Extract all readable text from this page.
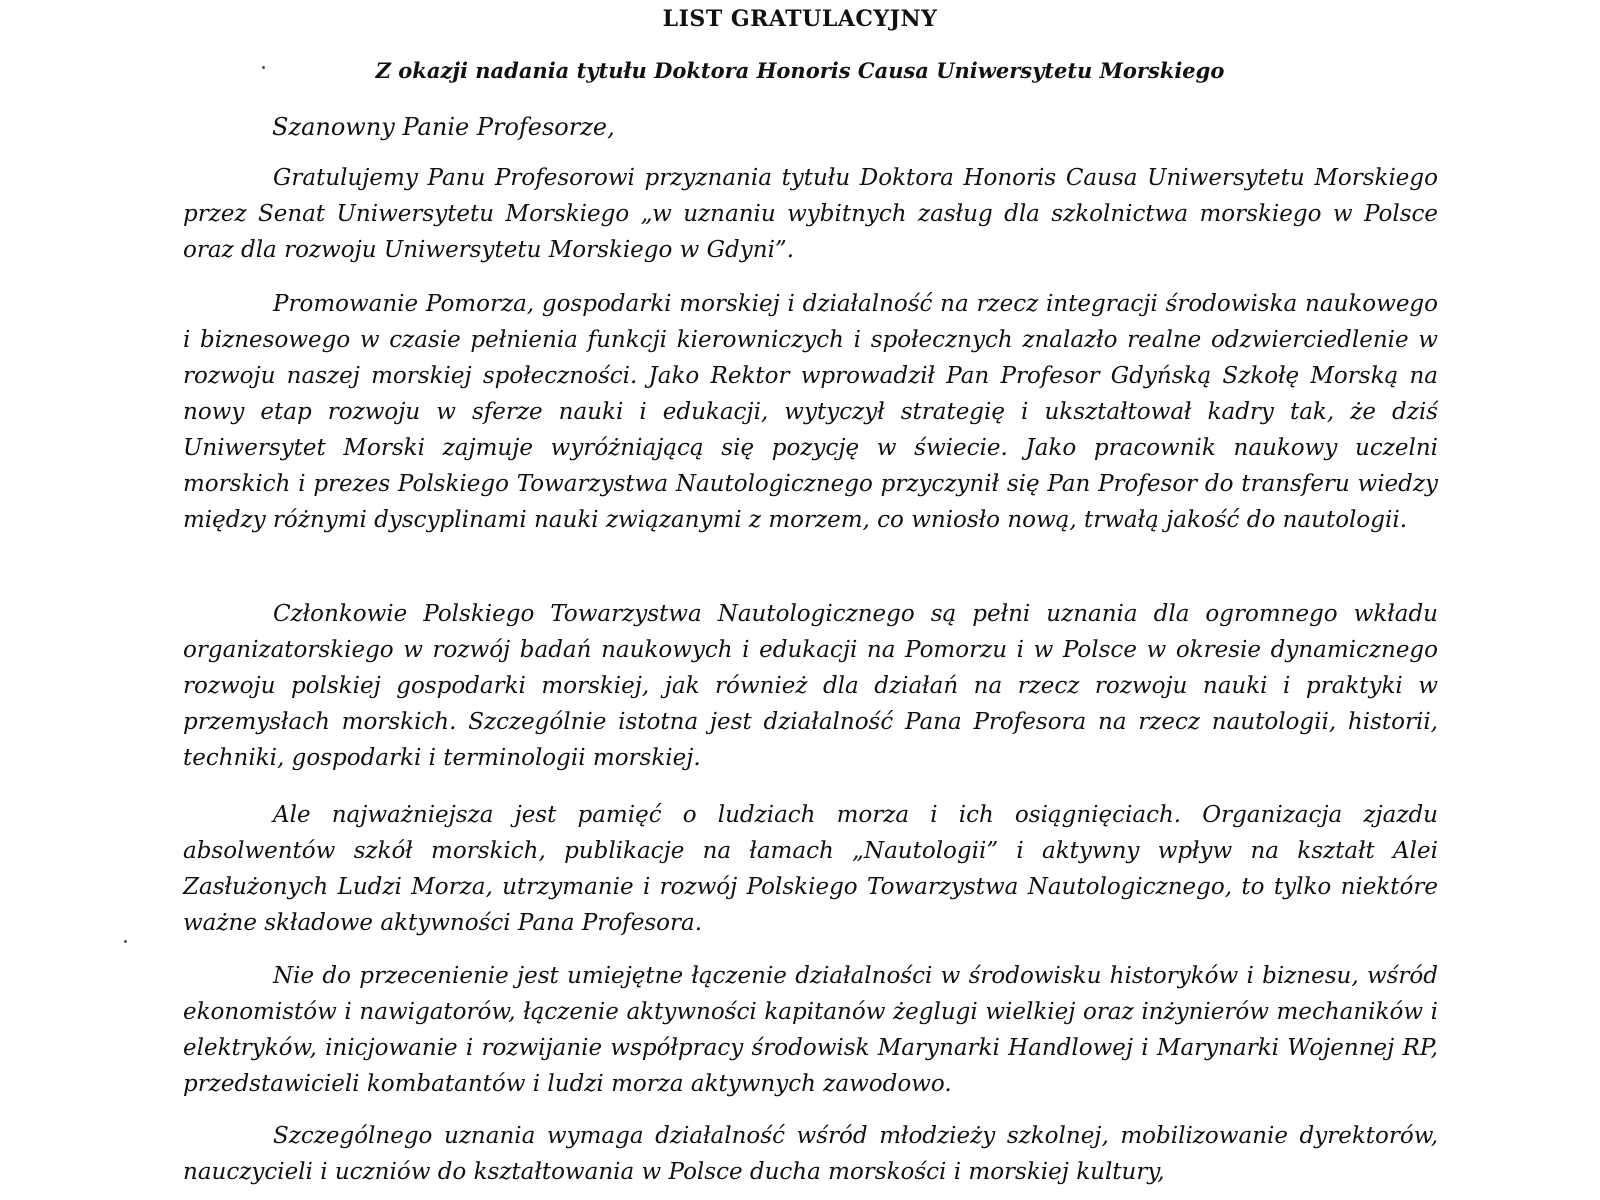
LIST GRATULACYJNY
Z okazji nadania tytułu Doktora Honoris Causa Uniwersytetu Morskiego
Szanowny Panie Profesorze,

Gratulujemy Panu Profesorowi przyznania tytułu Doktora Honoris Causa Uniwersytetu Morskiego przez Senat Uniwersytetu Morskiego „w uznaniu wybitnych zasług dla szkolnictwa morskiego w Polsce oraz dla rozwoju Uniwersytetu Morskiego w Gdyni”.

Promowanie Pomorza, gospodarki morskiej i działalność na rzecz integracji środowiska naukowego i biznesowego w czasie pełnienia funkcji kierowniczych i społecznych znalazło realne odzwierciedlenie w rozwoju naszej morskiej społeczności. Jako Rektor wprowadził Pan Profesor Gdyńską Szkołę Morską na nowy etap rozwoju w sferze nauki i edukacji, wytyczył strategię i ukształtował kadry tak, że dziś Uniwersytet Morski zajmuje wyróżniającą się pozycję w świecie. Jako pracownik naukowy uczelni morskich i prezes Polskiego Towarzystwa Nautologicznego przyczynił się Pan Profesor do transferu wiedzy między różnymi dyscyplinami nauki związanymi z morzem, co wniosło nową, trwałą jakość do nautologii.

Członkowie Polskiego Towarzystwa Nautologicznego są pełni uznania dla ogromnego wkładu organizatorskiego w rozwój badań naukowych i edukacji na Pomorzu i w Polsce w okresie dynamicznego rozwoju polskiej gospodarki morskiej, jak również dla działań na rzecz rozwoju nauki i praktyki w przemysłach morskich. Szczególnie istotna jest działalność Pana Profesora na rzecz nautologii, historii, techniki, gospodarki i terminologii morskiej.

Ale najważniejsza jest pamięć o ludziach morza i ich osiągnięciach. Organizacja zjazdu absolwentów szkół morskich, publikacje na łamach „Nautologii” i aktywny wpływ na kształt Alei Zasłużonych Ludzi Morza, utrzymanie i rozwój Polskiego Towarzystwa Nautologicznego, to tylko niektóre ważne składowe aktywności Pana Profesora.

Nie do przecenienie jest umiejętne łączenie działalności w środowisku historyków i biznesu, wśród ekonomistów i nawigatorów, łączenie aktywności kapitanów żeglugi wielkiej oraz inżynierów mechaników i elektryków, inicjowanie i rozwijanie współpracy środowisk Marynarki Handlowej i Marynarki Wojennej RP, przedstawicieli kombatantów i ludzi morza aktywnych zawodowo.

Szczególnego uznania wymaga działalność wśród młodzieży szkolnej, mobilizowanie dyrektorów, nauczycieli i uczniów do kształtowania w Polsce ducha morskości i morskiej kultury,
